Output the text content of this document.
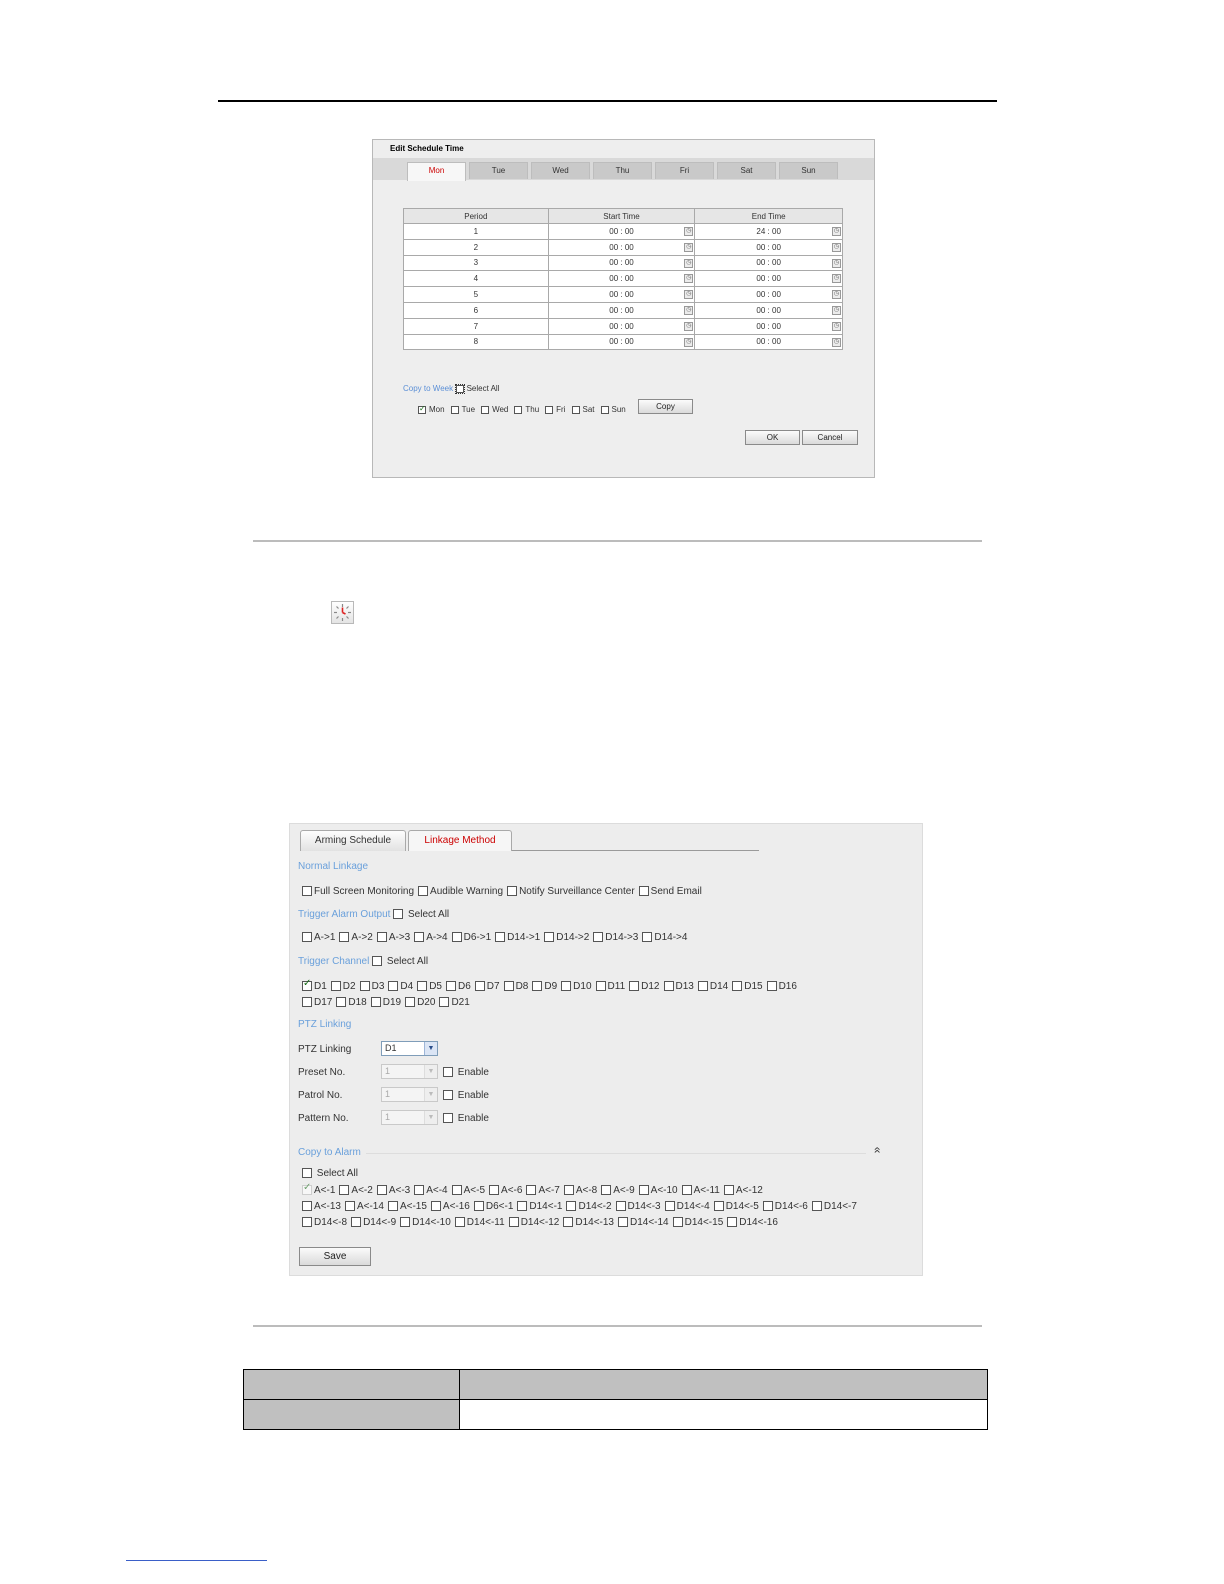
Edit Schedule Time
Mon	Tue	Wed	Thu	Fri	Sat	Sun
Period	Start Time	End Time
1	00 : 00 ◷	24 : 00 ◷

2	00 : 00 ◷	00 : 00 ◷

3	00 : 00 ◷	00 : 00 ◷

4	00 : 00 ◷	00 : 00 ◷

5	00 : 00 ◷	00 : 00 ◷

6	00 : 00 ◷	00 : 00 ◷

7	00 : 00 ◷	00 : 00 ◷

8	00 : 00 ◷	00 : 00 ◷
Copy to Week Select All
✓Mon Tue Wed Thu Fri Sat Sun	Copy
OK	Cancel
Arming Schedule	Linkage Method
Normal Linkage
Full Screen Monitoring Audible Warning Notify Surveillance Center Send Email
Trigger Alarm Output Select All
A->1 A->2 A->3 A->4 D6->1 D14->1 D14->2 D14->3 D14->4
Trigger Channel Select All
✓D1 D2 D3 D4 D5 D6 D7 D8 D9 D10 D11 D12 D13 D14 D15 D16
D17 D18 D19 D20 D21
PTZ Linking
PTZ Linking	D1	▼
Preset No.	1	▼	Enable
Patrol No.	1	▼	Enable
Pattern No.	1	▼	Enable
Copy to Alarm	»
Select All
✓A<-1 A<-2 A<-3 A<-4 A<-5 A<-6 A<-7 A<-8 A<-9 A<-10 A<-11 A<-12
A<-13 A<-14 A<-15 A<-16 D6<-1 D14<-1 D14<-2 D14<-3 D14<-4 D14<-5 D14<-6 D14<-7
D14<-8 D14<-9 D14<-10 D14<-11 D14<-12 D14<-13 D14<-14 D14<-15 D14<-16
Save
